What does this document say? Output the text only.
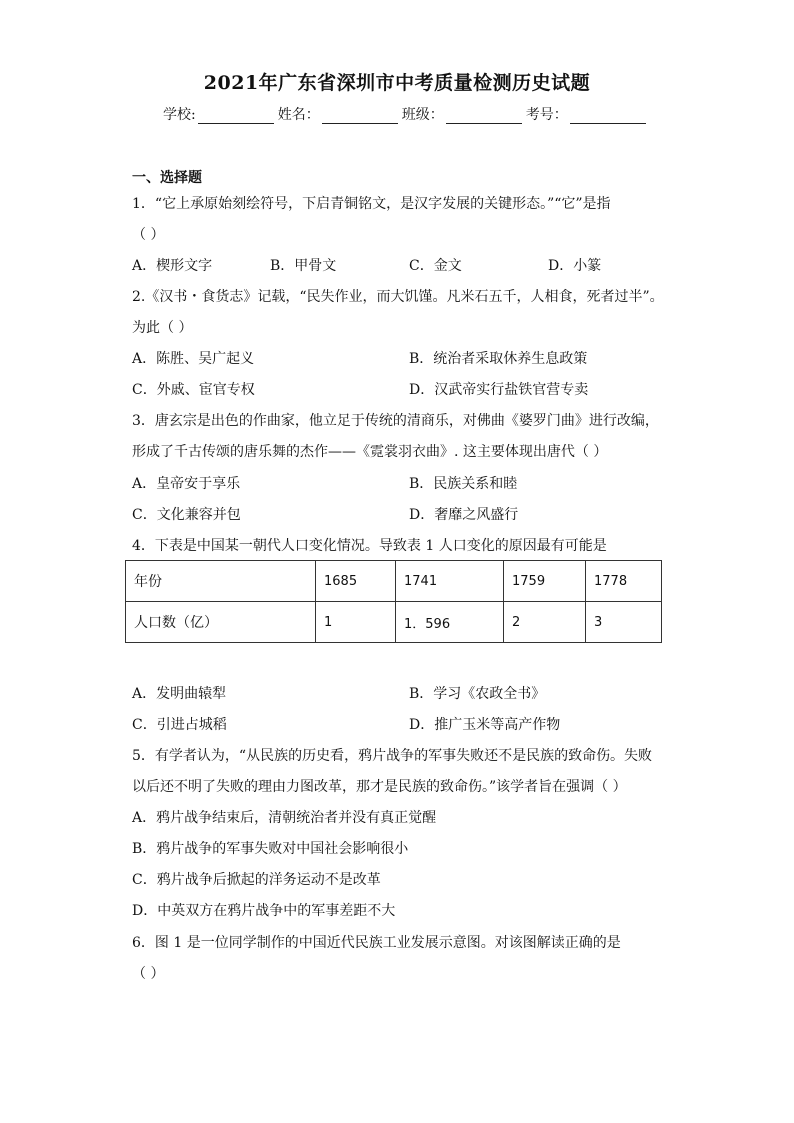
2021年广东省深圳市中考质量检测历史试题
学校:	姓名：	班级：	考号：
一、选择题
1．“它上承原始刻绘符号，下启青铜铭文，是汉字发展的关键形态。”“它”是指
（ ）
A．楔形文字	B．甲骨文	C．金文	D．小篆
2.《汉书・食货志》记载，“民失作业，而大饥馑。凡米石五千，人相食，死者过半”。
为此（ ）
A．陈胜、吴广起义	B．统治者采取休养生息政策
C．外戚、宦官专权	D．汉武帝实行盐铁官营专卖
3．唐玄宗是出色的作曲家，他立足于传统的清商乐，对佛曲《婆罗门曲》进行改编，
形成了千古传颂的唐乐舞的杰作——《霓裳羽衣曲》. 这主要体现出唐代（ ）
A．皇帝安于享乐	B．民族关系和睦
C．文化兼容并包	D．奢靡之风盛行
4．下表是中国某一朝代人口变化情况。导致表 1 人口变化的原因最有可能是
年份	1685	1741	1759	1778
人口数（亿）	1	1．596	2	3
A．发明曲辕犁	B．学习《农政全书》
C．引进占城稻	D．推广玉米等高产作物
5．有学者认为，“从民族的历史看，鸦片战争的军事失败还不是民族的致命伤。失败
以后还不明了失败的理由力图改革，那才是民族的致命伤。”该学者旨在强调（ ）
A．鸦片战争结束后，清朝统治者并没有真正觉醒
B．鸦片战争的军事失败对中国社会影响很小
C．鸦片战争后掀起的洋务运动不是改革
D．中英双方在鸦片战争中的军事差距不大
6．图 1 是一位同学制作的中国近代民族工业发展示意图。对该图解读正确的是
（ ）
